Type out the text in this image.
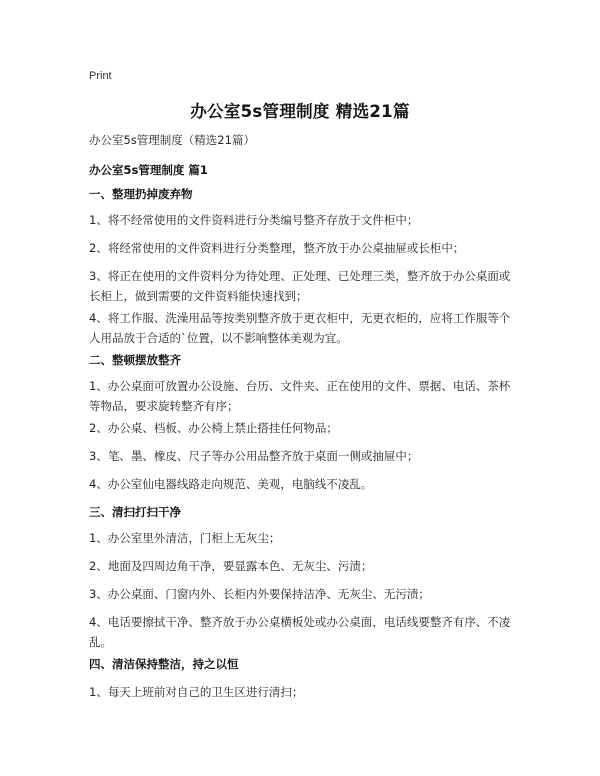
Print
办公室5s管理制度 精选21篇

办公室5s管理制度（精选21篇）

办公室5s管理制度 篇1

一、整理扔掉废弃物

1、将不经常使用的文件资料进行分类编号整齐存放于文件柜中；

2、将经常使用的文件资料进行分类整理，整齐放于办公桌抽屉或长柜中；

3、将正在使用的文件资料分为待处理、正处理、已处理三类，整齐放于办公桌面或长柜上，做到需要的文件资料能快速找到；

4、将工作服、洗澡用品等按类别整齐放于更衣柜中，无更衣柜的，应将工作服等个人用品放于合适的`位置，以不影响整体美观为宜。

二、整顿摆放整齐

1、办公桌面可放置办公设施、台历、文件夹、正在使用的文件、票据、电话、茶杯等物品，要求旋转整齐有序；

2、办公桌、档板、办公椅上禁止搭挂任何物品；

3、笔、墨、橡皮、尺子等办公用品整齐放于桌面一侧或抽屉中；

4、办公室仙电器线路走向规范、美观，电脑线不凌乱。

三、清扫打扫干净

1、办公室里外清洁，门柜上无灰尘；

2、地面及四周边角干净，要显露本色、无灰尘、污渍；

3、办公桌面、门窗内外、长柜内外要保持洁净、无灰尘、无污渍；

4、电话要擦拭干净、整齐放于办公桌横板处或办公桌面，电话线要整齐有序、不凌乱。

四、清洁保持整洁，持之以恒

1、每天上班前对自己的卫生区进行清扫；
